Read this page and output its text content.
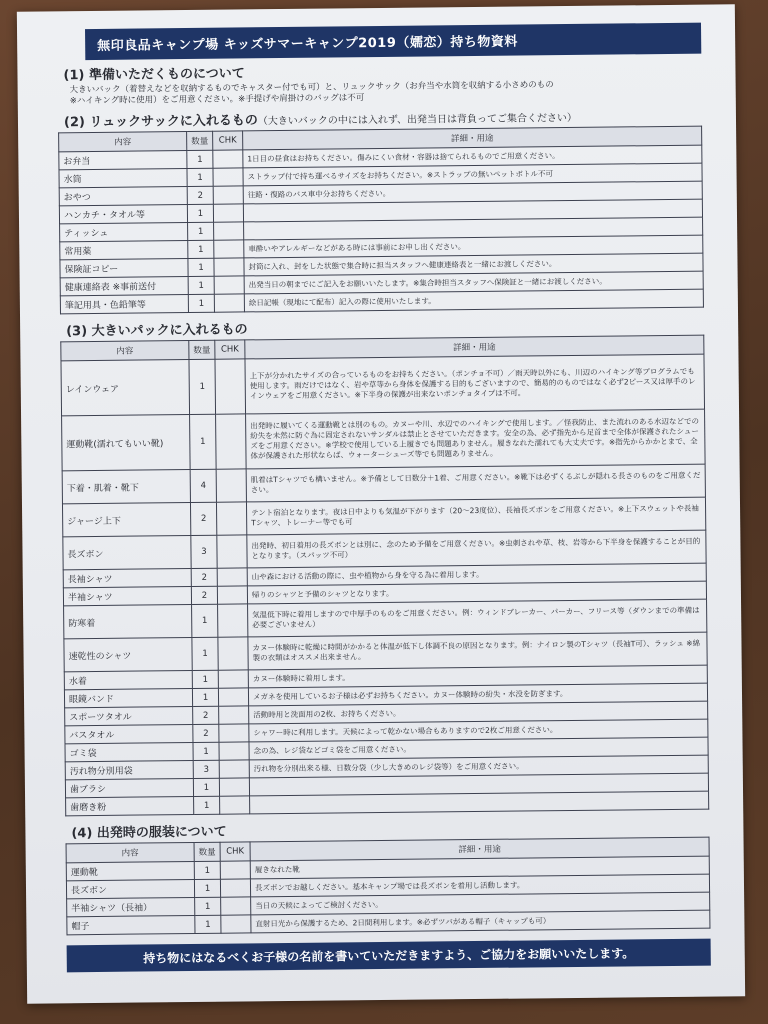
無印良品キャンプ場 キッズサマーキャンプ2019（嬬恋）持ち物資料
(1) 準備いただくものについて
大きいバック（着替えなどを収納するものでキャスター付でも可）と、リュックサック（お弁当や水筒を収納する小さめのもの
※ハイキング時に使用）をご用意ください。※手提げや肩掛けのバッグは不可
(2) リュックサックに入れるもの（大きいバックの中には入れず、出発当日は背負ってご集合ください）
内容	数量	CHK	詳細・用途
お弁当	1		1日目の昼食はお持ちください。傷みにくい食材・容器は捨てられるものでご用意ください。
水筒	1		ストラップ付で持ち運べるサイズをお持ちください。※ストラップの無いペットボトル不可
おやつ	2		往路・復路のバス車中分お持ちください。
ハンカチ・タオル等	1		
ティッシュ	1		
常用薬	1		車酔いやアレルギーなどがある時には事前にお申し出ください。
保険証コピー	1		封筒に入れ、封をした状態で集合時に担当スタッフへ健康連絡表と一緒にお渡しください。
健康連絡表 ※事前送付	1		出発当日の朝までにご記入をお願いいたします。※集合時担当スタッフへ保険証と一緒にお渡しください。
筆記用具・色鉛筆等	1		絵日記帳（現地にて配布）記入の際に使用いたします。
(3) 大きいパックに入れるもの
内容	数量	CHK	詳細・用途
レインウェア	1		上下が分かれたサイズの合っているものをお持ちください。（ポンチョ不可）／雨天時以外にも、川辺のハイキング等プログラムでも使用します。雨だけではなく、岩や草等から身体を保護する目的もございますので、簡易的のものではなく必ず2ピース又は厚手のレインウェアをご用意ください。※下半身の保護が出来ないポンチョタイプは不可。
運動靴(濡れてもいい靴)	1		出発時に履いてくる運動靴とは別のもの。カヌーや川、水辺でのハイキングで使用します。／怪我防止、また流れのある水辺などでの紛失を未然に防ぐ為に固定されないサンダルは禁止とさせていただきます。安全の為、必ず指先から足首まで全体が保護されたシューズをご用意ください。※学校で使用している上履きでも問題ありません。履きなれた濡れても大丈夫です。※指先からかかとまで、全体が保護された形状ならば、ウォーターシューズ等でも問題ありません。
下着・肌着・靴下	4		肌着はTシャツでも構いません。※予備として日数分＋1着、ご用意ください。※靴下は必ずくるぶしが隠れる長さのものをご用意ください。
ジャージ上下	2		テント宿泊となります。夜は日中よりも気温が下がります（20～23度位）、長袖長ズボンをご用意ください。※上下スウェットや長袖Tシャツ、トレーナー等でも可
長ズボン	3		出発時、初日着用の長ズボンとは別に、念のため予備をご用意ください。※虫刺されや草、枝、岩等から下半身を保護することが目的となります。（スパッツ不可）
長袖シャツ	2		山や森における活動の際に、虫や植物から身を守る為に着用します。
半袖シャツ	2		帰りのシャツと予備のシャツとなります。
防寒着	1		気温低下時に着用しますので中厚手のものをご用意ください。例：ウィンドブレーカー、パーカー、フリース等（ダウンまでの準備は必要ございません）
速乾性のシャツ	1		カヌー体験時に乾燥に時間がかかると体温が低下し体調不良の原因となります。例：ナイロン製のTシャツ（長袖T可）、ラッシュ ※綿製の衣類はオススメ出来ません。
水着	1		カヌー体験時に着用します。
眼鏡バンド	1		メガネを使用しているお子様は必ずお持ちください。カヌー体験時の紛失・水没を防ぎます。
スポーツタオル	2		活動時用と洗面用の2枚、お持ちください。
バスタオル	2		シャワー時に利用します。天候によって乾かない場合もありますので2枚ご用意ください。
ゴミ袋	1		念の為、レジ袋などゴミ袋をご用意ください。
汚れ物分別用袋	3		汚れ物を分別出来る様、日数分袋（少し大きめのレジ袋等）をご用意ください。
歯ブラシ	1		
歯磨き粉	1		
(4) 出発時の服装について
内容	数量	CHK	詳細・用途
運動靴	1		履きなれた靴
長ズボン	1		長ズボンでお越しください。基本キャンプ場では長ズボンを着用し活動します。
半袖シャツ（長袖）	1		当日の天候によってご検討ください。
帽子	1		直射日光から保護するため、2日間利用します。※必ずツバがある帽子（キャップも可）
持ち物にはなるべくお子様の名前を書いていただきますよう、ご協力をお願いいたします。
